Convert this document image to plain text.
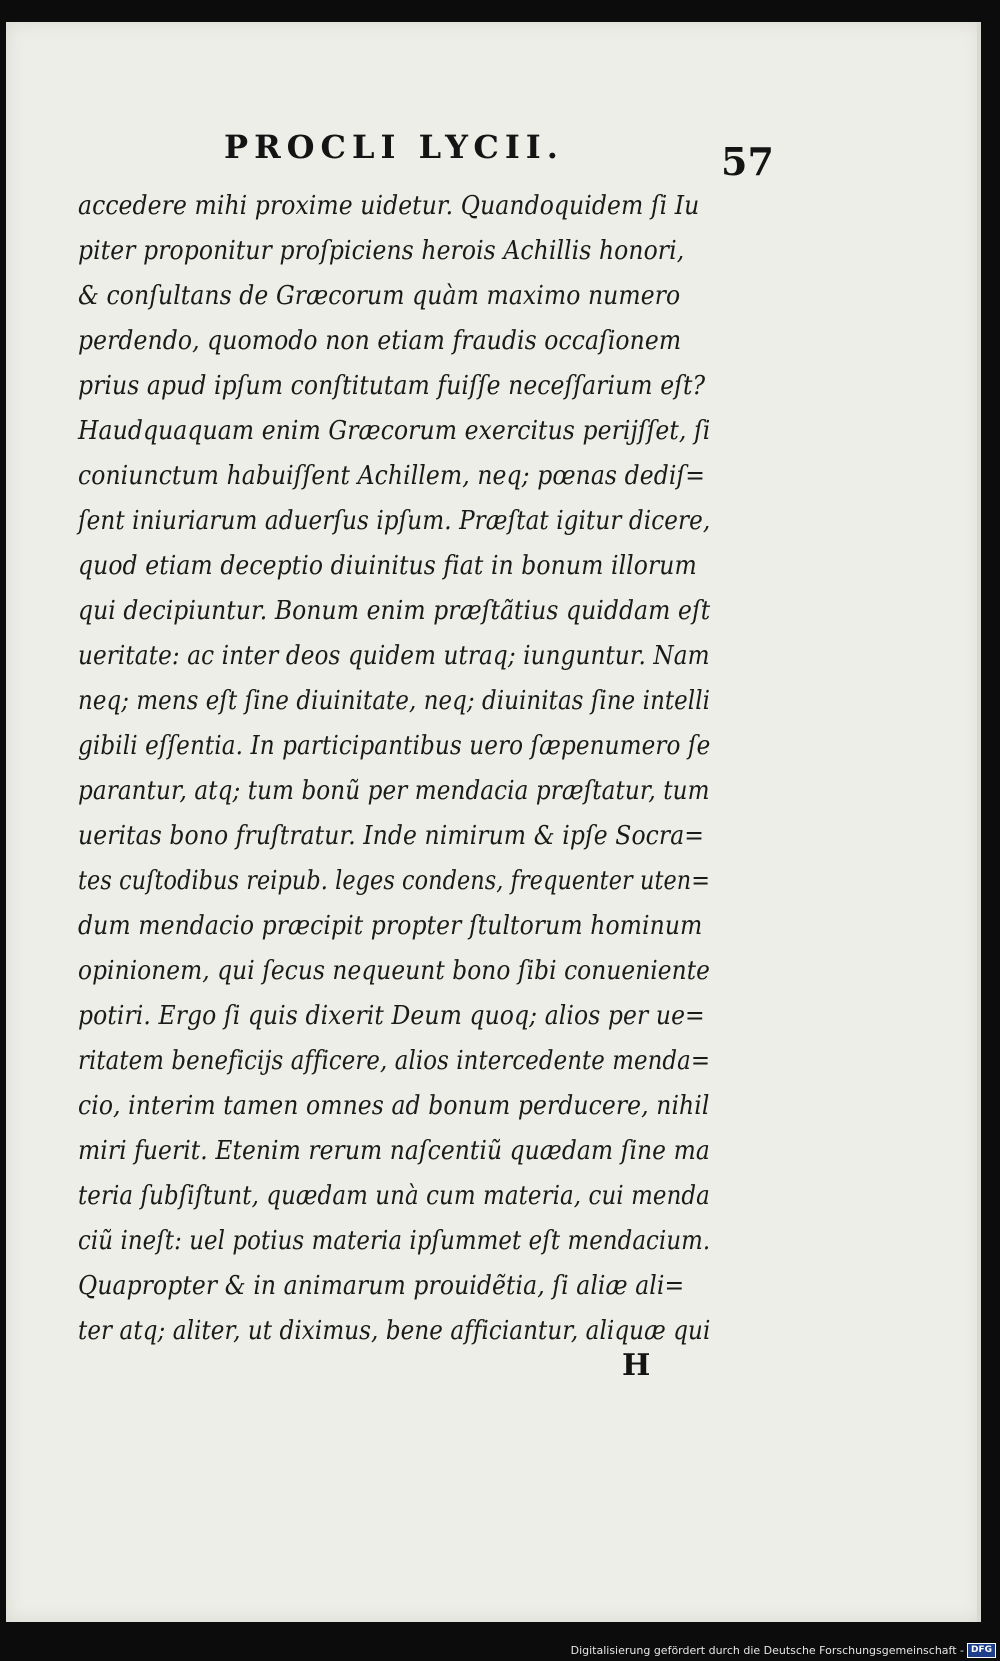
PROCLI LYCII.	57
accedere mihi proxime uidetur. Quandoquidem ſi Iu
piter proponitur proſpiciens herois Achillis honori,
& conſultans de Græcorum quàm maximo numero
perdendo, quomodo non etiam fraudis occaſionem
prius apud ipſum conſtitutam fuiſſe neceſſarium eſt?
Haudquaquam enim Græcorum exercitus perijſſet, ſi
coniunctum habuiſſent Achillem, neq; pœnas dediſ=
ſent iniuriarum aduerſus ipſum. Præſtat igitur dicere,
quod etiam deceptio diuinitus fiat in bonum illorum
qui decipiuntur. Bonum enim præſtãtius quiddam eſt
ueritate: ac inter deos quidem utraq; iunguntur. Nam
neq; mens eſt ſine diuinitate, neq; diuinitas ſine intelli
gibili eſſentia. In participantibus uero ſæpenumero ſe
parantur, atq; tum bonũ per mendacia præſtatur, tum
ueritas bono fruſtratur. Inde nimirum & ipſe Socra=
tes cuſtodibus reipub. leges condens, frequenter uten=
dum mendacio præcipit propter ſtultorum hominum
opinionem, qui ſecus nequeunt bono ſibi conueniente
potiri. Ergo ſi quis dixerit Deum quoq; alios per ue=
ritatem beneficijs afficere, alios intercedente menda=
cio, interim tamen omnes ad bonum perducere, nihil
miri fuerit. Etenim rerum naſcentiũ quædam ſine ma
teria ſubſiſtunt, quædam unà cum materia, cui menda
ciũ ineſt: uel potius materia ipſummet eſt mendacium.
Quapropter & in animarum prouidẽtia, ſi aliæ ali=
ter atq; aliter, ut diximus, bene afficiantur, aliquæ qui
H
Digitalisierung gefördert durch die Deutsche Forschungsgemeinschaft - DFG
